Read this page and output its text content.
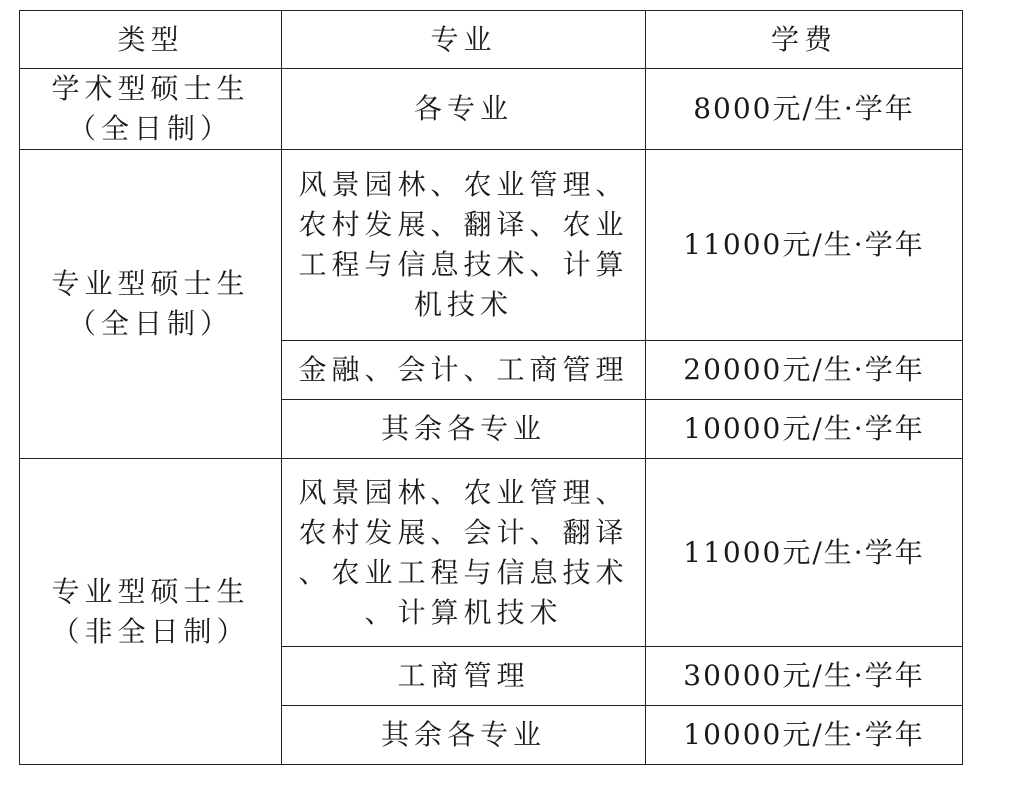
类型	专业	学费

学术型硕士生
（全日制）	各专业	8000元/生·学年

专业型硕士生
（全日制）	风景园林、农业管理、
农村发展、翻译、农业
工程与信息技术、计算
机技术	11000元/生·学年

	金融、会计、工商管理	20000元/生·学年

	其余各专业	10000元/生·学年

专业型硕士生
（非全日制）	风景园林、农业管理、
农村发展、会计、翻译
、农业工程与信息技术
、计算机技术	11000元/生·学年

	工商管理	30000元/生·学年

	其余各专业	10000元/生·学年
